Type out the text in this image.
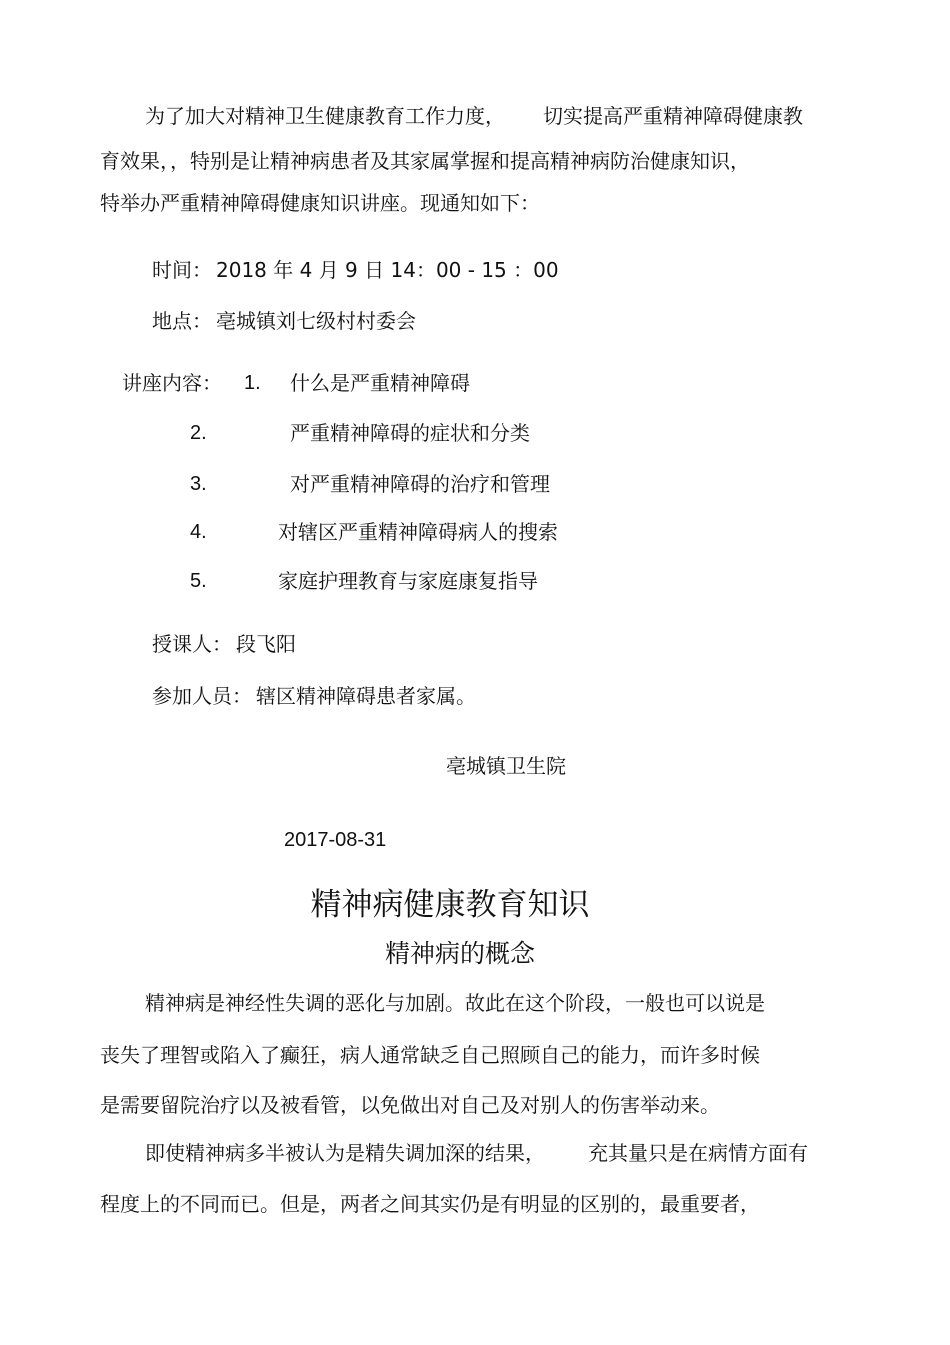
为了加大对精神卫生健康教育工作力度， 切实提高严重精神障碍健康教
育效果，，特别是让精神病患者及其家属掌握和提高精神病防治健康知识，
特举办严重精神障碍健康知识讲座。现通知如下：
时间： 2018 年 4 月 9 日 14：00 - 15 ：00
地点： 亳城镇刘七级村村委会
讲座内容： 1. 什么是严重精神障碍
2.	严重精神障碍的症状和分类
3.	对严重精神障碍的治疗和管理
4.	对辖区严重精神障碍病人的搜索
5.	家庭护理教育与家庭康复指导
授课人： 段飞阳
参加人员： 辖区精神障碍患者家属。
亳城镇卫生院
2017-08-31
精神病健康教育知识
精神病的概念
精神病是神经性失调的恶化与加剧。故此在这个阶段，一般也可以说是
丧失了理智或陷入了癫狂，病人通常缺乏自己照顾自己的能力，而许多时候
是需要留院治疗以及被看管，以免做出对自己及对别人的伤害举动来。
即使精神病多半被认为是精失调加深的结果， 充其量只是在病情方面有
程度上的不同而已。但是，两者之间其实仍是有明显的区别的，最重要者，
